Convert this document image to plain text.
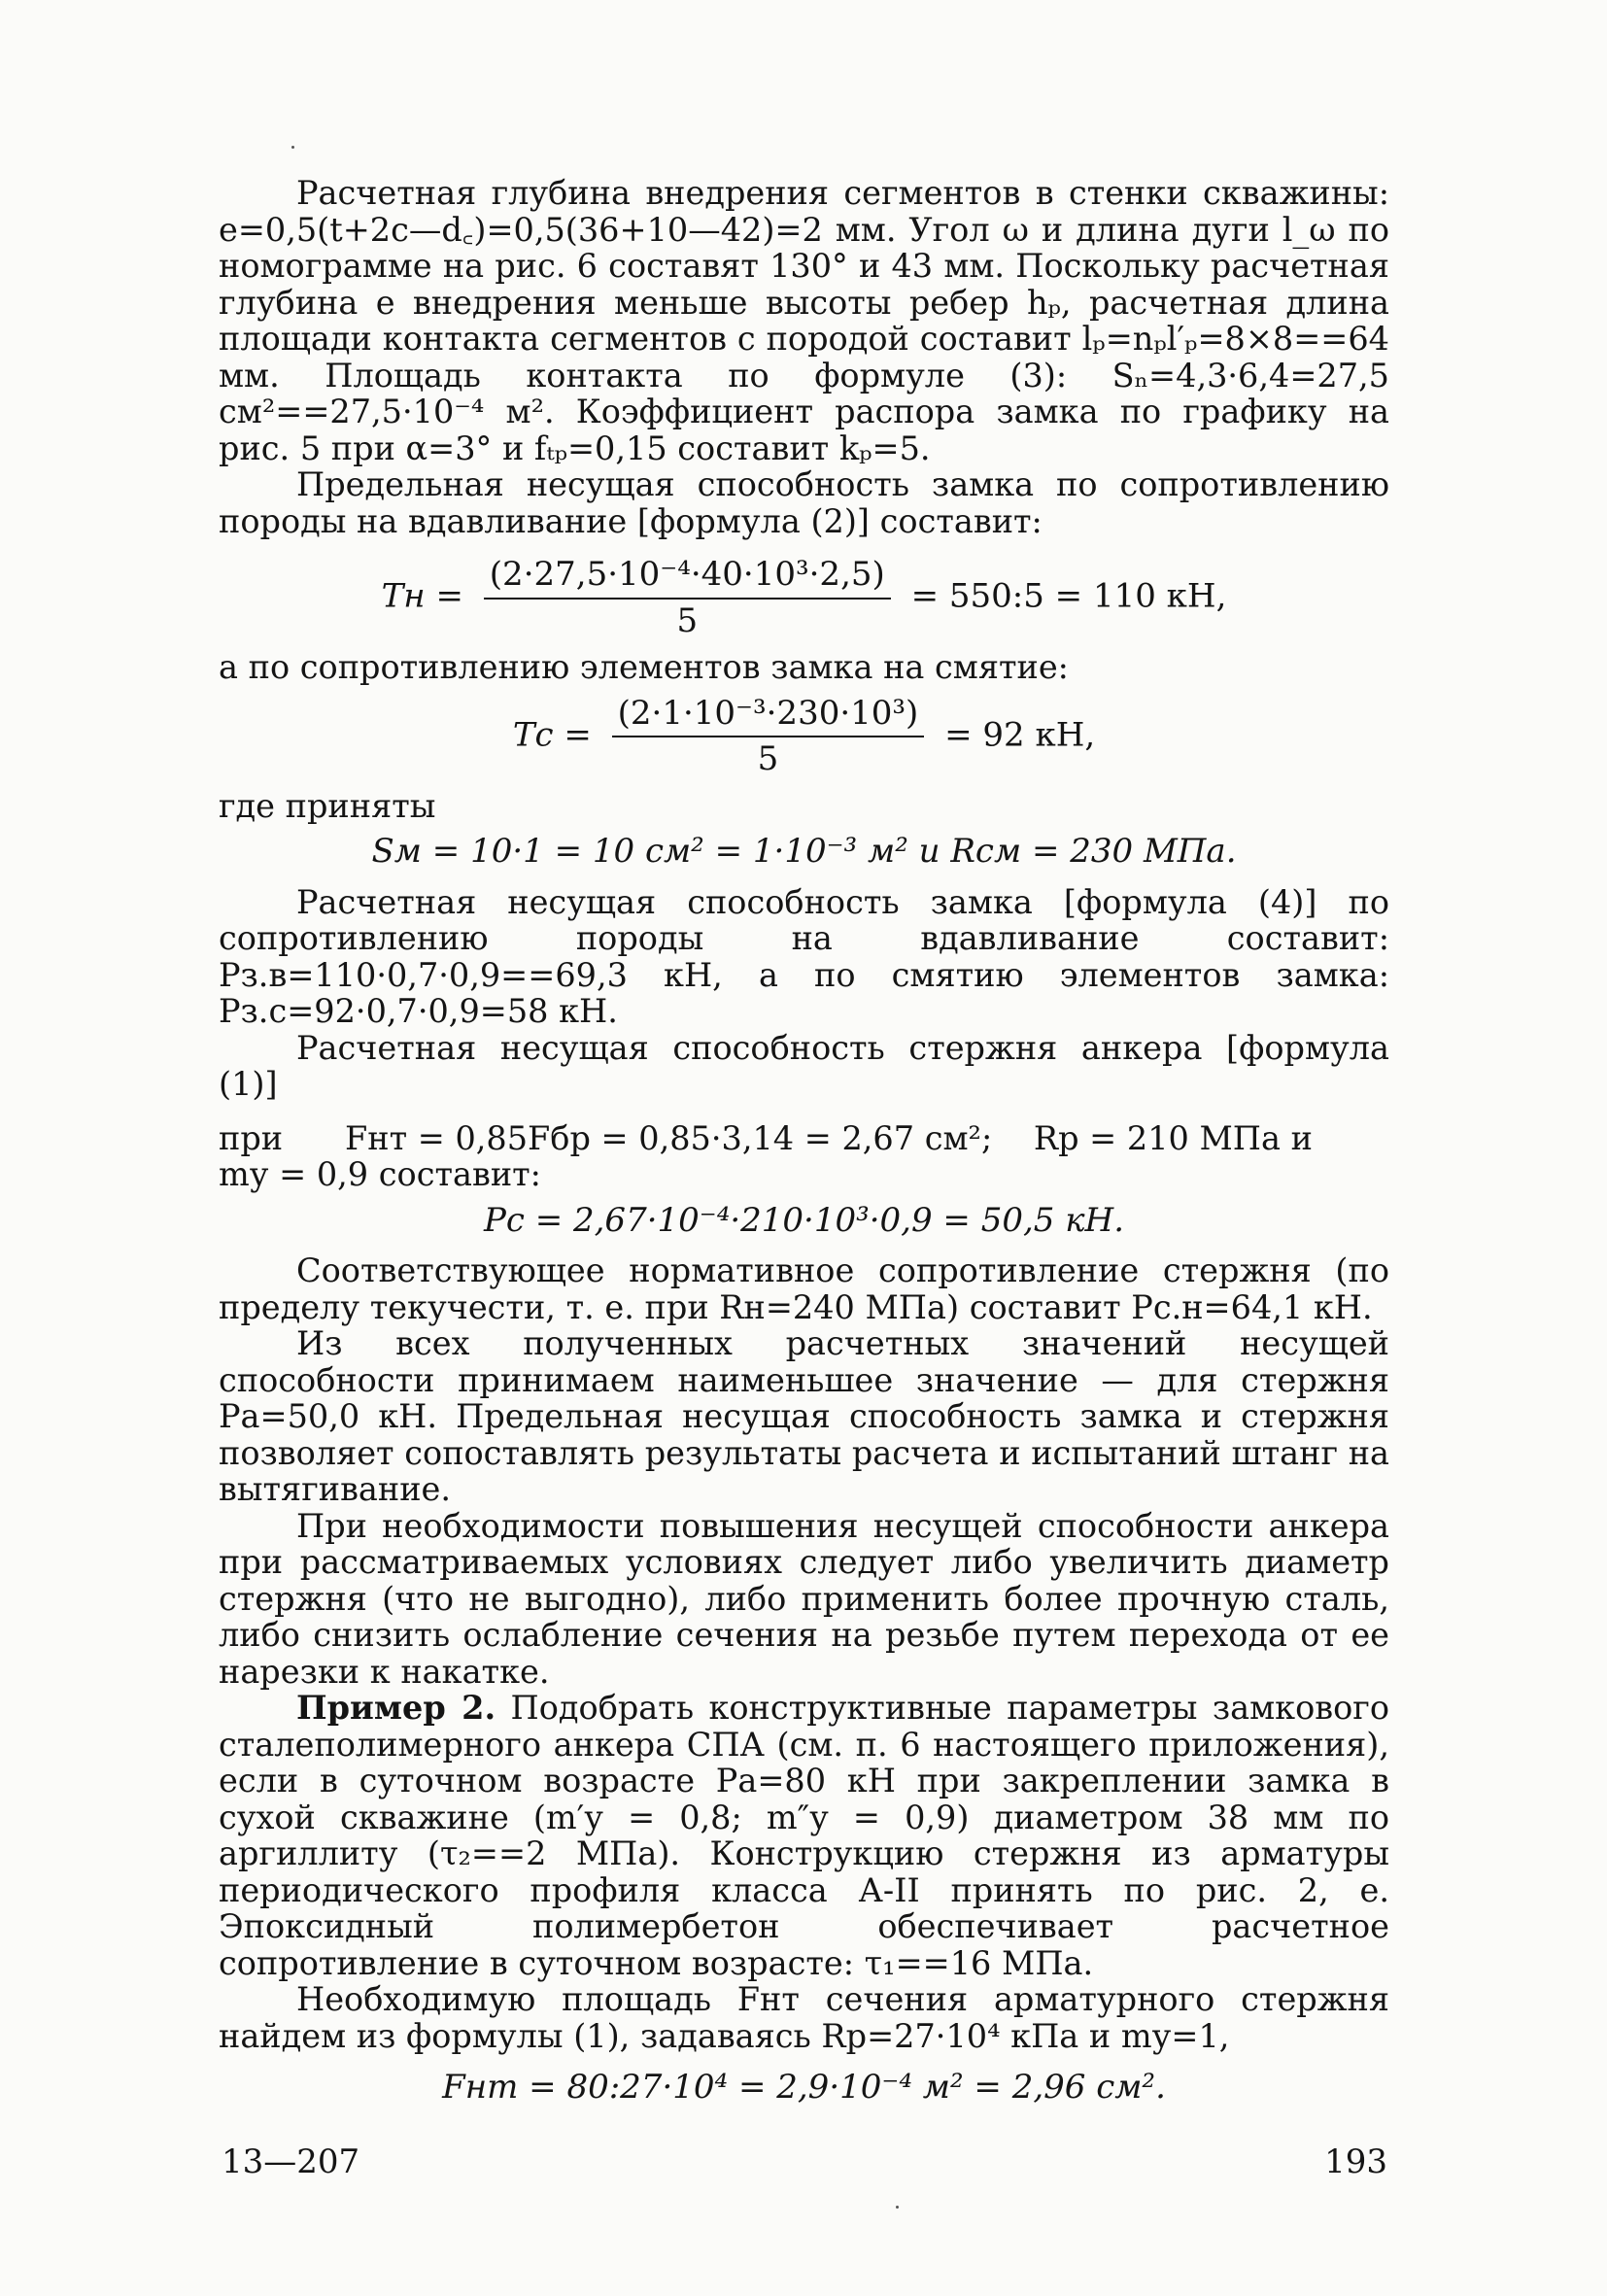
Расчетная глубина внедрения сегментов в стенки скважины: e=0,5(t+2c—d꜀)=0,5(36+10—42)=2 мм. Угол ω и длина дуги l_ω по номограмме на рис. 6 составят 130° и 43 мм. Поскольку расчетная глубина e внедрения меньше высоты ребер hₚ, расчетная длина площади контакта сегментов с породой составит lₚ=nₚl′ₚ=8×8==64 мм. Площадь контакта по формуле (3): Sₙ=4,3·6,4=27,5 см²==27,5·10⁻⁴ м². Коэффициент распора замка по графику на рис. 5 при α=3° и fₜₚ=0,15 составит kₚ=5.

Предельная несущая способность замка по сопротивлению породы на вдавливание [формула (2)] составит:

Tн = $\frac{\text{(2·27,5·10⁻⁴·40·10³·2,5)}}{5}$ = 550:5 = 110 кН,

а по сопротивлению элементов замка на смятие:

Tс = $\frac{\text{(2·1·10⁻³·230·10³)}}{5} = 92$ кН,

где приняты

Sм = 10·1 = 10 см² = 1·10⁻³ м² и Rсм = 230 МПа.

Расчетная несущая способность замка [формула (4)] по сопротивлению породы на вдавливание составит: Pз.в=110·0,7·0,9==69,3 кН, а по смятию элементов замка: Pз.с=92·0,7·0,9=58 кН.

Расчетная несущая способность стержня анкера [формула (1)]

при      Fнт = 0,85Fбр = 0,85·3,14 = 2,67 см²;    Rр = 210 МПа и

mу = 0,9 составит:

Pс = 2,67·10⁻⁴·210·10³·0,9 = 50,5 кН.

Соответствующее нормативное сопротивление стержня (по пределу текучести, т. е. при Rн=240 МПа) составит Pс.н=64,1 кН.

Из всех полученных расчетных значений несущей способности принимаем наименьшее значение — для стержня Pа=50,0 кН. Предельная несущая способность замка и стержня позволяет сопоставлять результаты расчета и испытаний штанг на вытягивание.

При необходимости повышения несущей способности анкера при рассматриваемых условиях следует либо увеличить диаметр стержня (что не выгодно), либо применить более прочную сталь, либо снизить ослабление сечения на резьбе путем перехода от ее нарезки к накатке.

Пример 2. Подобрать конструктивные параметры замкового сталеполимерного анкера СПА (см. п. 6 настоящего приложения), если в суточном возрасте Pа=80 кН при закреплении замка в сухой скважине (m′у = 0,8; m″у = 0,9) диаметром 38 мм по аргиллиту (τ₂==2 МПа). Конструкцию стержня из арматуры периодического профиля класса А-II принять по рис. 2, е. Эпоксидный полимербетон обеспечивает расчетное сопротивление в суточном возрасте: τ₁==16 МПа.

Необходимую площадь Fнт сечения арматурного стержня найдем из формулы (1), задаваясь Rр=27·10⁴ кПа и mу=1,

Fнт = 80:27·10⁴ = 2,9·10⁻⁴ м² = 2,96 см².
13—207	193
